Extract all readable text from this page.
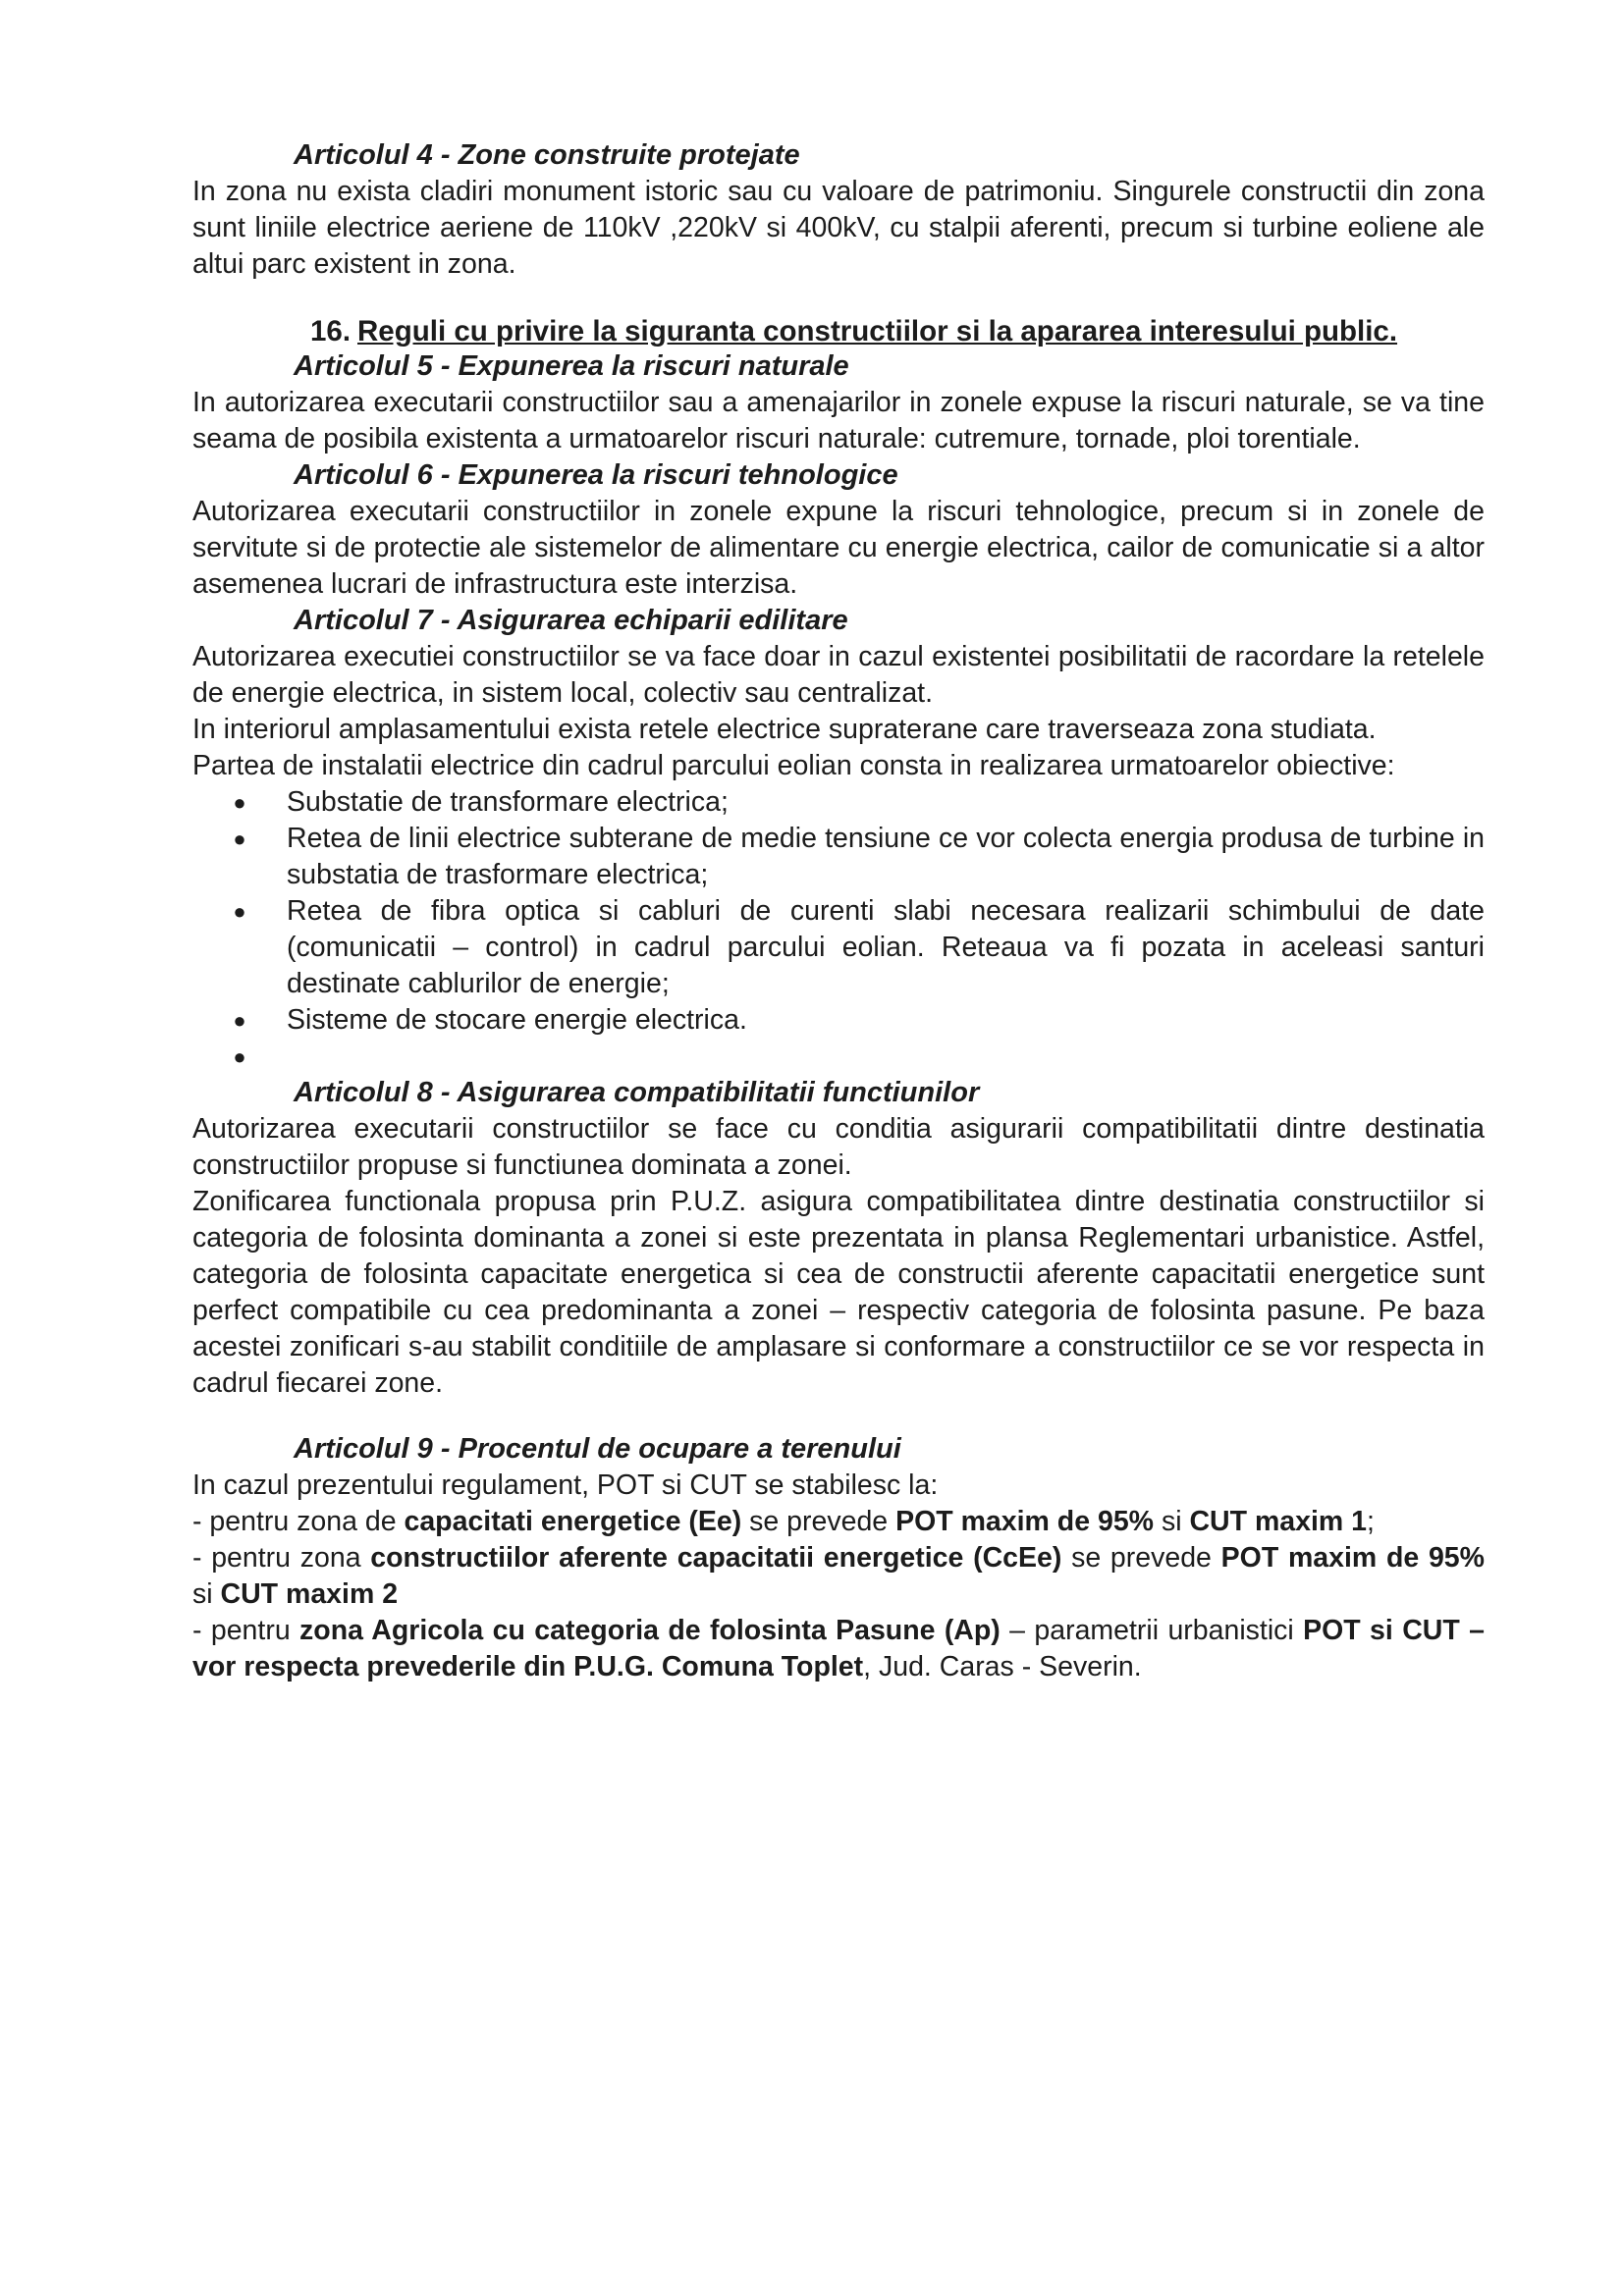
Articolul 4 - Zone construite protejate

In zona nu exista cladiri monument istoric sau cu valoare de patrimoniu. Singurele constructii din zona sunt liniile electrice aeriene de 110kV ,220kV si 400kV, cu stalpii aferenti, precum si turbine eoliene ale altui parc existent in zona.

16. Reguli cu privire la siguranta constructiilor si la apararea interesului public.
Articolul 5 - Expunerea la riscuri naturale

In autorizarea executarii constructiilor sau a amenajarilor in zonele expuse la riscuri naturale, se va tine seama de posibila existenta a urmatoarelor riscuri naturale: cutremure, tornade, ploi torentiale.

Articolul 6 - Expunerea la riscuri tehnologice

Autorizarea executarii constructiilor in zonele expune la riscuri tehnologice, precum si in zonele de servitute si de protectie ale sistemelor de alimentare cu energie electrica, cailor de comunicatie si a altor asemenea lucrari de infrastructura este interzisa.

Articolul 7 - Asigurarea echiparii edilitare

Autorizarea executiei constructiilor se va face doar in cazul existentei posibilitatii de racordare la retelele de energie electrica, in sistem local, colectiv sau centralizat.

In interiorul amplasamentului exista retele electrice supraterane care traverseaza zona studiata.

Partea de instalatii electrice din cadrul parcului eolian consta in realizarea urmatoarelor obiective:

●	Substatie de transformare electrica;
●	Retea de linii electrice subterane de medie tensiune ce vor colecta energia produsa de turbine in substatia de trasformare electrica;
●	Retea de fibra optica si cabluri de curenti slabi necesara realizarii schimbului de date (comunicatii – control) in cadrul parcului eolian. Reteaua va fi pozata in aceleasi santuri destinate cablurilor de energie;
●	Sisteme de stocare energie electrica.
●
Articolul 8 - Asigurarea compatibilitatii functiunilor

Autorizarea executarii constructiilor se face cu conditia asigurarii compatibilitatii dintre destinatia constructiilor propuse si functiunea dominata a zonei.

Zonificarea functionala propusa prin P.U.Z. asigura compatibilitatea dintre destinatia constructiilor si categoria de folosinta dominanta a zonei si este prezentata in plansa Reglementari urbanistice. Astfel, categoria de folosinta capacitate energetica si cea de constructii aferente capacitatii energetice sunt perfect compatibile cu cea predominanta a zonei – respectiv categoria de folosinta pasune. Pe baza acestei zonificari s-au stabilit conditiile de amplasare si conformare a constructiilor ce se vor respecta in cadrul fiecarei zone.

Articolul 9 - Procentul de ocupare a terenului

In cazul prezentului regulament, POT si CUT se stabilesc la:

- pentru zona de capacitati energetice (Ee) se prevede POT maxim de 95% si CUT maxim 1;

- pentru zona constructiilor aferente capacitatii energetice (CcEe) se prevede POT maxim de 95% si CUT maxim 2

- pentru zona Agricola cu categoria de folosinta Pasune (Ap) – parametrii urbanistici POT si CUT – vor respecta prevederile din P.U.G. Comuna Toplet, Jud. Caras - Severin.
